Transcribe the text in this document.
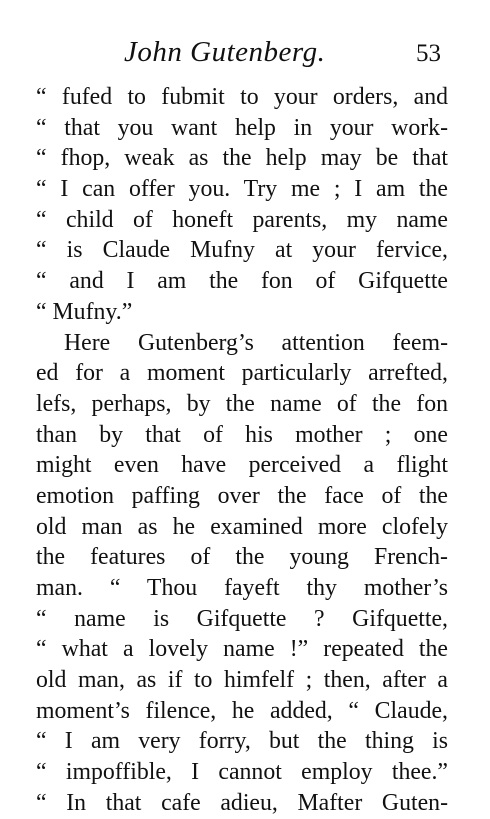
John Gutenberg.	53
“ fufed to fubmit to your orders, and
“ that you want help in your work-
“ fhop, weak as the help may be that
“ I can offer you. Try me ; I am the
“ child of honeft parents, my name
“ is Claude Mufny at your fervice,
“ and I am the fon of Gifquette
“ Mufny.”
Here Gutenberg’s attention feem-
ed for a moment particularly arrefted,
lefs, perhaps, by the name of the fon
than by that of his mother ; one
might even have perceived a flight
emotion paffing over the face of the
old man as he examined more clofely
the features of the young French-
man. “ Thou fayeft thy mother’s
“ name is Gifquette ? Gifquette,
“ what a lovely name !” repeated the
old man, as if to himfelf ; then, after a
moment’s filence, he added, “ Claude,
“ I am very forry, but the thing is
“ impoffible, I cannot employ thee.”
“ In that cafe adieu, Mafter Guten-
